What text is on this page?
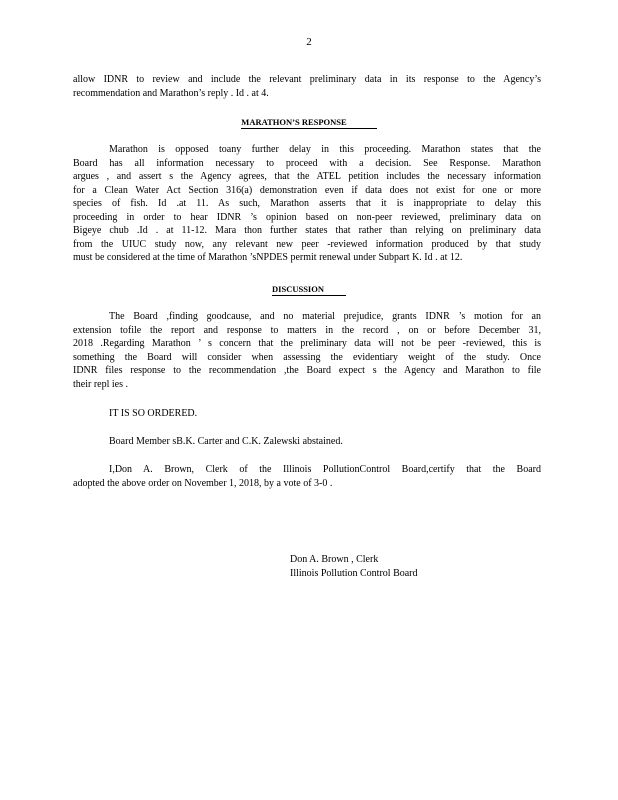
2
allow IDNR to review and include the relevant preliminary data in its response to the Agency’s
recommendation and Marathon’s reply . Id . at 4.
MARATHON’S RESPONSE
Marathon is opposed toany further delay in this proceeding. Marathon states that the
Board has all information necessary to proceed with a decision. See Response. Marathon
argues , and assert s the Agency agrees, that the ATEL petition includes the necessary information
for a Clean Water Act Section 316(a) demonstration even if data does not exist for one or more
species of fish. Id .at 11. As such, Marathon asserts that it is inappropriate to delay this
proceeding in order to hear IDNR ’s opinion based on non-peer reviewed, preliminary data on
Bigeye chub .Id . at 11-12. Mara thon further states that rather than relying on preliminary data
from the UIUC study now, any relevant new peer -reviewed information produced by that study
must be considered at the time of Marathon ’sNPDES permit renewal under Subpart K. Id . at 12.
DISCUSSION
The Board ,finding goodcause, and no material prejudice, grants IDNR ’s motion for an
extension tofile the report and response to matters in the record , on or before December 31,
2018 .Regarding Marathon ’ s concern that the preliminary data will not be peer -reviewed, this is
something the Board will consider when assessing the evidentiary weight of the study. Once
IDNR files response to the recommendation ,the Board expect s the Agency and Marathon to file
their repl ies .
IT IS SO ORDERED.
Board Member sB.K. Carter and C.K. Zalewski abstained.
I,Don A. Brown, Clerk of the Illinois PollutionControl Board,certify that the Board
adopted the above order on November 1, 2018, by a vote of 3-0 .
Don A. Brown , Clerk
Illinois Pollution Control Board
